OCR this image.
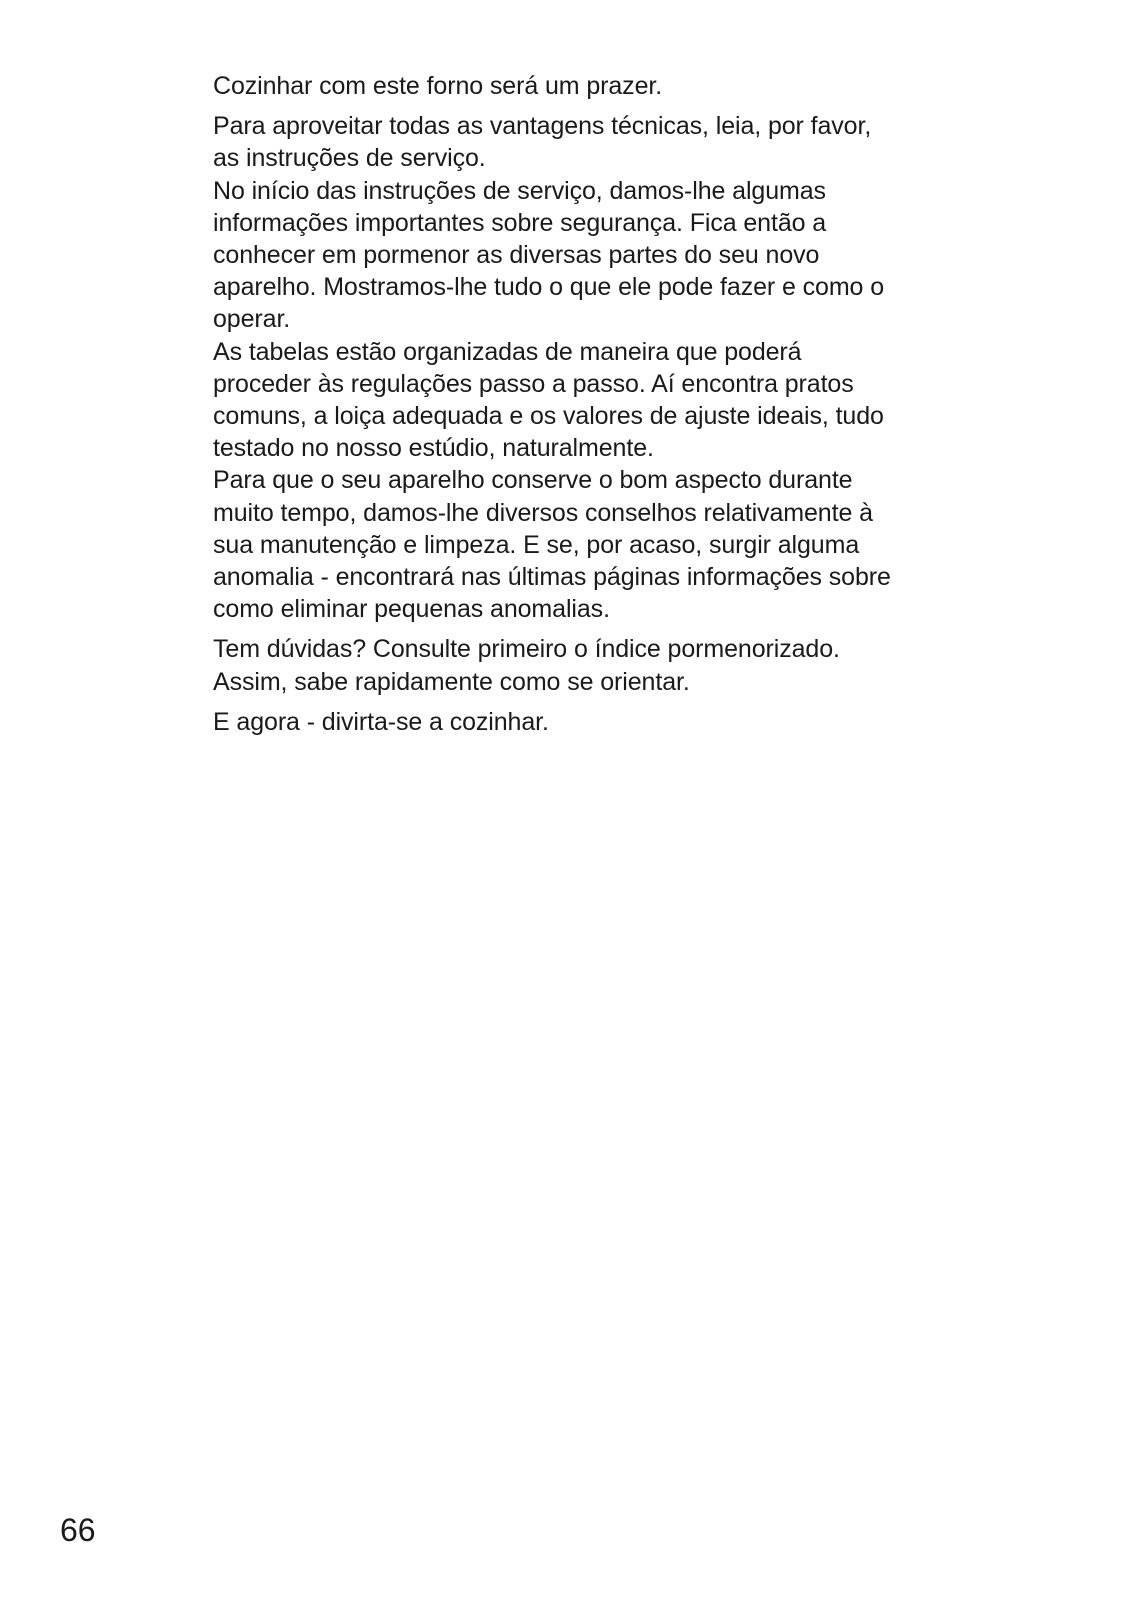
Cozinhar com este forno será um prazer.

Para aproveitar todas as vantagens técnicas, leia, por favor,
as instruções de serviço.

No início das instruções de serviço, damos-lhe algumas
informações importantes sobre segurança. Fica então a
conhecer em pormenor as diversas partes do seu novo
aparelho. Mostramos-lhe tudo o que ele pode fazer e como o
operar.

As tabelas estão organizadas de maneira que poderá
proceder às regulações passo a passo. Aí encontra pratos
comuns, a loiça adequada e os valores de ajuste ideais, tudo
testado no nosso estúdio, naturalmente.

Para que o seu aparelho conserve o bom aspecto durante
muito tempo, damos-lhe diversos conselhos relativamente à
sua manutenção e limpeza. E se, por acaso, surgir alguma
anomalia - encontrará nas últimas páginas informações sobre
como eliminar pequenas anomalias.

Tem dúvidas? Consulte primeiro o índice pormenorizado.
Assim, sabe rapidamente como se orientar.

E agora - divirta-se a cozinhar.

66
